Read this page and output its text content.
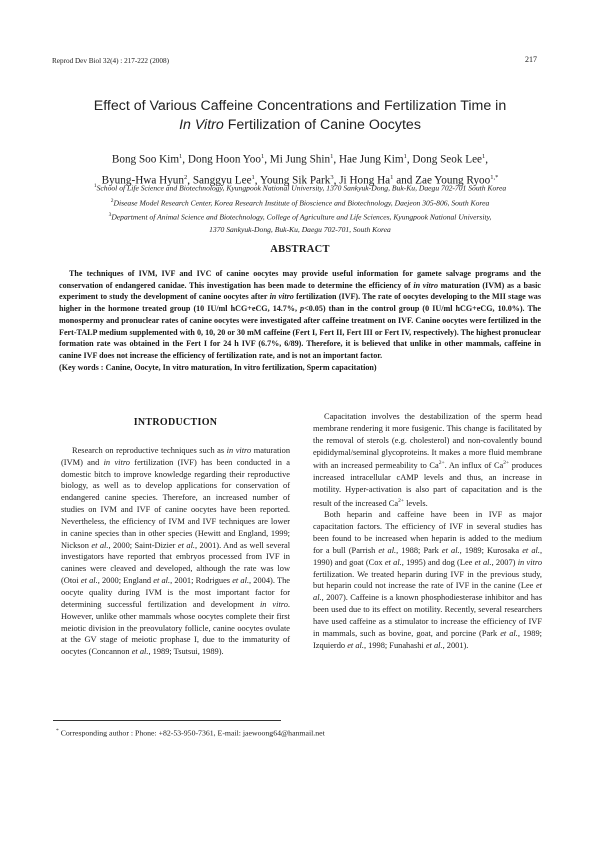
Reprod Dev Biol 32(4) : 217-222 (2008)	217
Effect of Various Caffeine Concentrations and Fertilization Time in
In Vitro Fertilization of Canine Oocytes
Bong Soo Kim$^1$, Dong Hoon Yoo$^1$, Mi Jung Shin$^1$, Hae Jung Kim$^1$, Dong Seok Lee$^1$,
Byung-Hwa Hyun$^2$, Sanggyu Lee$^1$, Young Sik Park$^3$, Ji Hong Ha$^1$ and Zae Young Ryoo$^{1,*}$
$^1$School of Life Science and Biotechnology, Kyungpook National University, 1370 Sankyuk-Dong, Buk-Ku, Daegu 702-701 South Korea
$^2$Disease Model Research Center, Korea Research Institute of Bioscience and Biotechnology, Daejeon 305-806, South Korea
$^3$Department of Animal Science and Biotechnology, College of Agriculture and Life Sciences, Kyungpook National University,
1370 Sankyuk-Dong, Buk-Ku, Daegu 702-701, South Korea
ABSTRACT

The techniques of IVM, IVF and IVC of canine oocytes may provide useful information for gamete salvage programs and the conservation of endangered canidae. This investigation has been made to determine the efficiency of in vitro maturation (IVM) as a basic experiment to study the development of canine oocytes after in vitro fertilization (IVF). The rate of oocytes developing to the MII stage was higher in the hormone treated group (10 IU/ml hCG+eCG, 14.7%, p<0.05) than in the control group (0 IU/ml hCG+eCG, 10.0%). The monospermy and pronuclear rates of canine oocytes were investigated after caffeine treatment on IVF. Canine oocytes were fertilized in the Fert-TALP medium supplemented with 0, 10, 20 or 30 mM caffeine (Fert I, Fert II, Fert III or Fert IV, respectively). The highest pronuclear formation rate was obtained in the Fert I for 24 h IVF (6.7%, 6/89). Therefore, it is believed that unlike in other mammals, caffeine in canine IVF does not increase the efficiency of fertilization rate, and is not an important factor.

(Key words : Canine, Oocyte, In vitro maturation, In vitro fertilization, Sperm capacitation)

INTRODUCTION

Research on reproductive techniques such as in vitro maturation (IVM) and in vitro fertilization (IVF) has been conducted in a domestic bitch to improve knowledge regarding their reproductive biology, as well as to develop applications for conservation of endangered canine species. Therefore, an increased number of studies on IVM and IVF of canine oocytes have been reported. Nevertheless, the efficiency of IVM and IVF techniques are lower in canine species than in other species (Hewitt and England, 1999; Nickson et al., 2000; Saint-Dizier et al., 2001). And as well several investigators have reported that embryos processed from IVF in canines were cleaved and developed, although the rate was low (Otoi et al., 2000; England et al., 2001; Rodrigues et al., 2004). The oocyte quality during IVM is the most important factor for determining successful fertilization and development in vitro. However, unlike other mammals whose oocytes complete their first meiotic division in the preovulatory follicle, canine oocytes ovulate at the GV stage of meiotic prophase I, due to the immaturity of oocytes (Concannon et al., 1989; Tsutsui, 1989).

Capacitation involves the destabilization of the sperm head membrane rendering it more fusigenic. This change is facilitated by the removal of sterols (e.g. cholesterol) and non-covalently bound epididymal/seminal glycoproteins. It makes a more fluid membrane with an increased permeability to $Ca^{2+}$. An influx of $Ca^{2+}$ produces increased intracellular cAMP levels and thus, an increase in motility. Hyper-activation is also part of capacitation and is the result of the increased $Ca^{2+}$ levels.

Both heparin and caffeine have been in IVF as major capacitation factors. The efficiency of IVF in several studies has been found to be increased when heparin is added to the medium for a bull (Parrish et al., 1988; Park et al., 1989; Kurosaka et al., 1990) and goat (Cox et al., 1995) and dog (Lee et al., 2007) in vitro fertilization. We treated heparin during IVF in the previous study, but heparin could not increase the rate of IVF in the canine (Lee et al., 2007). Caffeine is a known phosphodiesterase inhibitor and has been used due to its effect on motility. Recently, several researchers have used caffeine as a stimulator to increase the efficiency of IVF in mammals, such as bovine, goat, and porcine (Park et al., 1989; Izquierdo et al., 1998; Funahashi et al., 2001).

* Corresponding author : Phone: +82-53-950-7361, E-mail: jaewoong64@hanmail.net
